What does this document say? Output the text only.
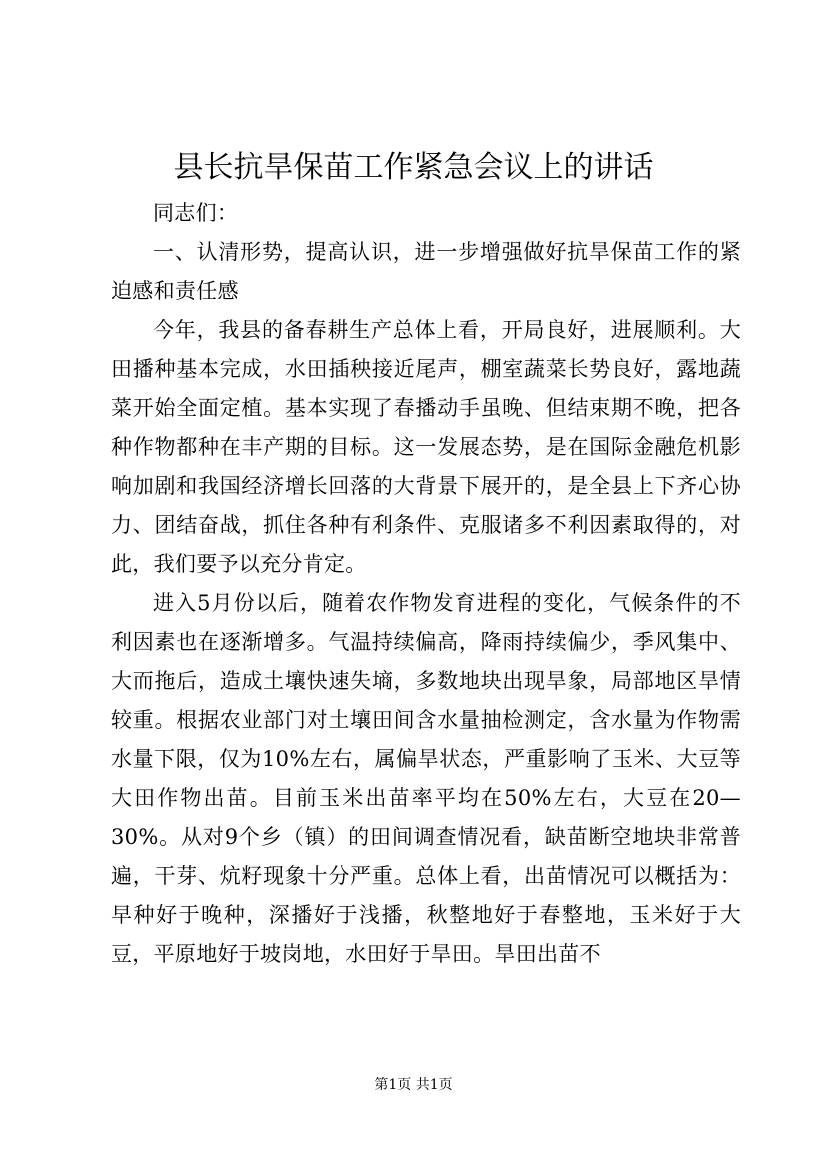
县长抗旱保苗工作紧急会议上的讲话

同志们：

一、认清形势，提高认识，进一步增强做好抗旱保苗工作的紧迫感和责任感

今年，我县的备春耕生产总体上看，开局良好，进展顺利。大田播种基本完成，水田插秧接近尾声，棚室蔬菜长势良好，露地蔬菜开始全面定植。基本实现了春播动手虽晚、但结束期不晚，把各种作物都种在丰产期的目标。这一发展态势，是在国际金融危机影响加剧和我国经济增长回落的大背景下展开的，是全县上下齐心协力、团结奋战，抓住各种有利条件、克服诸多不利因素取得的，对此，我们要予以充分肯定。

进入5月份以后，随着农作物发育进程的变化，气候条件的不利因素也在逐渐增多。气温持续偏高，降雨持续偏少，季风集中、大而拖后，造成土壤快速失墒，多数地块出现旱象，局部地区旱情较重。根据农业部门对土壤田间含水量抽检测定，含水量为作物需水量下限，仅为10%左右，属偏旱状态，严重影响了玉米、大豆等大田作物出苗。目前玉米出苗率平均在50%左右，大豆在20—30%。从对9个乡（镇）的田间调查情况看，缺苗断空地块非常普遍，干芽、炕籽现象十分严重。总体上看，出苗情况可以概括为：早种好于晚种，深播好于浅播，秋整地好于春整地，玉米好于大豆，平原地好于坡岗地，水田好于旱田。旱田出苗不

第1页 共1页
